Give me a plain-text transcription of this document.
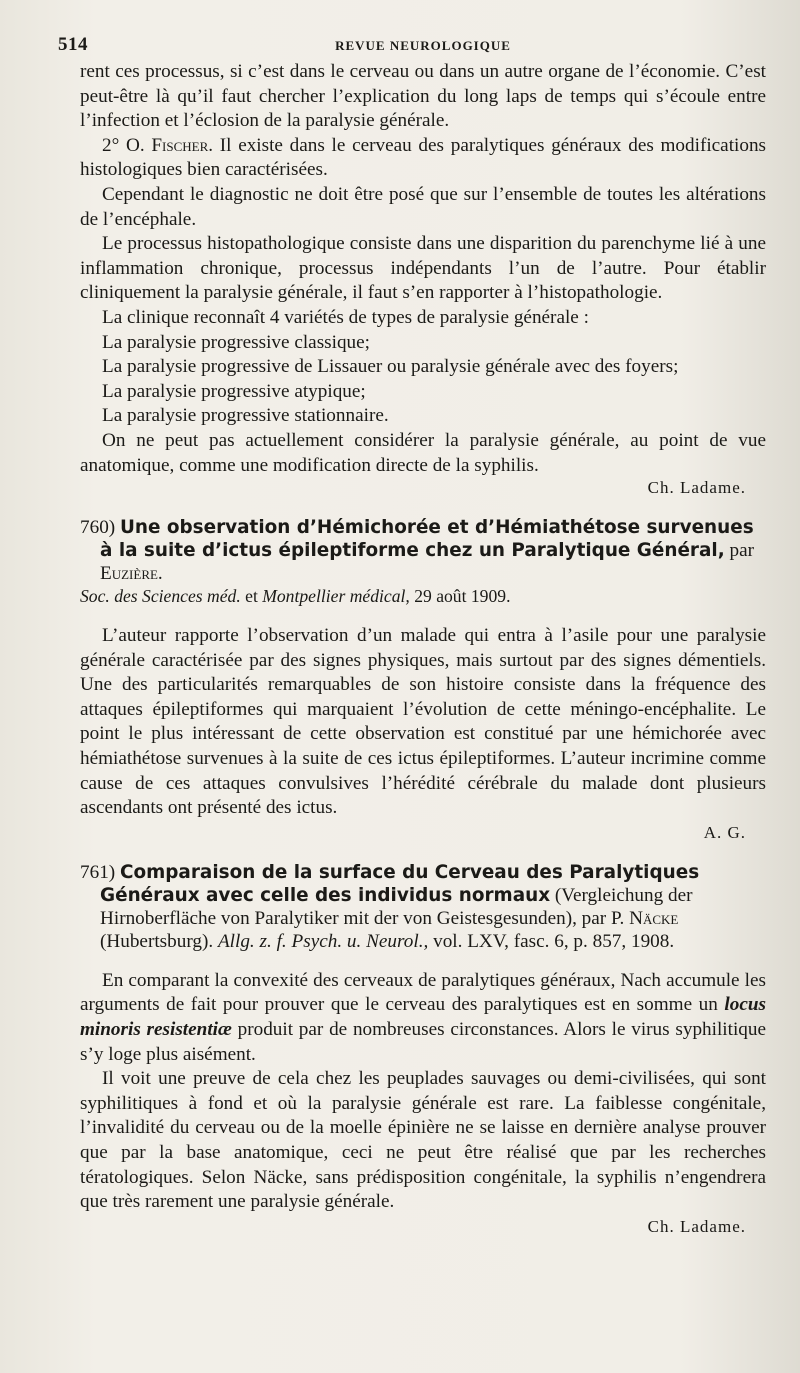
514	REVUE NEUROLOGIQUE

rent ces processus, si c’est dans le cerveau ou dans un autre organe de l’économie. C’est peut-être là qu’il faut chercher l’explication du long laps de temps qui s’écoule entre l’infection et l’éclosion de la paralysie générale.

2° O. Fischer. Il existe dans le cerveau des paralytiques généraux des modifications histologiques bien caractérisées.

Cependant le diagnostic ne doit être posé que sur l’ensemble de toutes les altérations de l’encéphale.

Le processus histopathologique consiste dans une disparition du parenchyme lié à une inflammation chronique, processus indépendants l’un de l’autre. Pour établir cliniquement la paralysie générale, il faut s’en rapporter à l’histopathologie.

La clinique reconnaît 4 variétés de types de paralysie générale :

La paralysie progressive classique;

La paralysie progressive de Lissauer ou paralysie générale avec des foyers;

La paralysie progressive atypique;

La paralysie progressive stationnaire.

On ne peut pas actuellement considérer la paralysie générale, au point de vue anatomique, comme une modification directe de la syphilis.

Ch. Ladame.

760) Une observation d’Hémichorée et d’Hémiathétose survenues à la suite d’ictus épileptiforme chez un Paralytique Général, par Euzière.
Soc. des Sciences méd. et Montpellier médical, 29 août 1909.

L’auteur rapporte l’observation d’un malade qui entra à l’asile pour une paralysie générale caractérisée par des signes physiques, mais surtout par des signes démentiels. Une des particularités remarquables de son histoire consiste dans la fréquence des attaques épileptiformes qui marquaient l’évolution de cette méningo-encéphalite. Le point le plus intéressant de cette observation est constitué par une hémichorée avec hémiathétose survenues à la suite de ces ictus épileptiformes. L’auteur incrimine comme cause de ces attaques convulsives l’hérédité cérébrale du malade dont plusieurs ascendants ont présenté des ictus.

A. G.

761) Comparaison de la surface du Cerveau des Paralytiques Généraux avec celle des individus normaux (Vergleichung der Hirnoberfläche von Paralytiker mit der von Geistesgesunden), par P. Näcke (Hubertsburg). Allg. z. f. Psych. u. Neurol., vol. LXV, fasc. 6, p. 857, 1908.

En comparant la convexité des cerveaux de paralytiques généraux, Nach accumule les arguments de fait pour prouver que le cerveau des paralytiques est en somme un locus minoris resistentiæ produit par de nombreuses circonstances. Alors le virus syphilitique s’y loge plus aisément.

Il voit une preuve de cela chez les peuplades sauvages ou demi-civilisées, qui sont syphilitiques à fond et où la paralysie générale est rare. La faiblesse congénitale, l’invalidité du cerveau ou de la moelle épinière ne se laisse en dernière analyse prouver que par la base anatomique, ceci ne peut être réalisé que par les recherches tératologiques. Selon Näcke, sans prédisposition congénitale, la syphilis n’engendrera que très rarement une paralysie générale.

Ch. Ladame.
